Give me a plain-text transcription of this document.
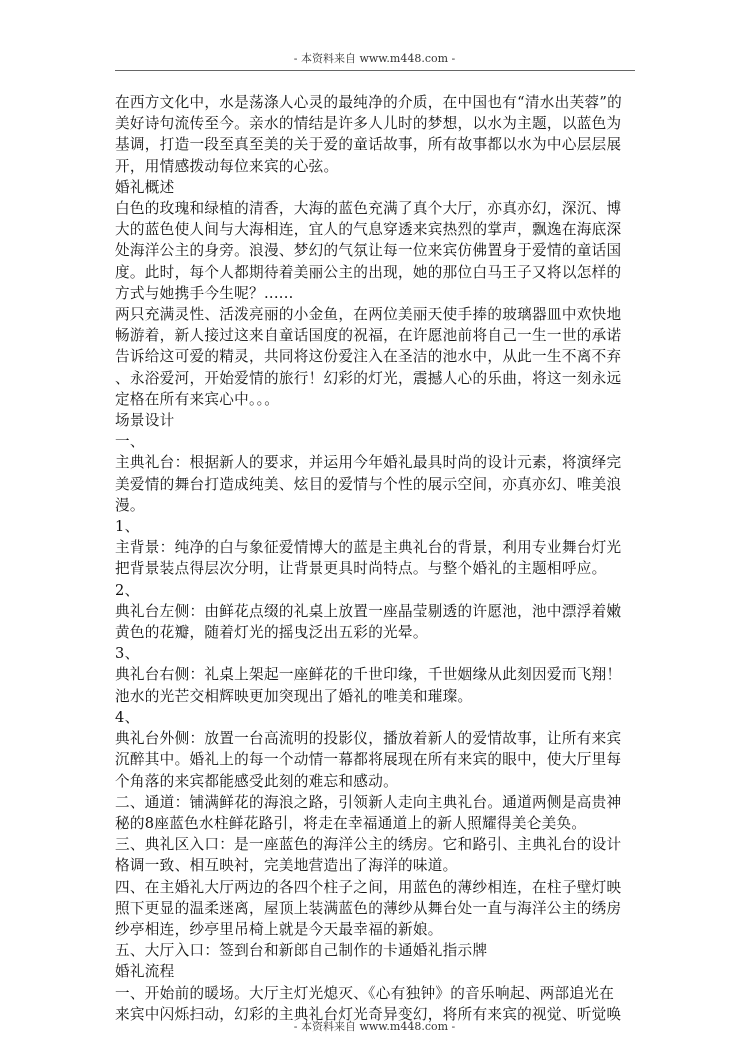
- 本资料来自 www.m448.com -
在西方文化中，水是荡涤人心灵的最纯净的介质，在中国也有“清水出芙蓉”的
美好诗句流传至今。亲水的情结是许多人儿时的梦想，以水为主题，以蓝色为
基调，打造一段至真至美的关于爱的童话故事，所有故事都以水为中心层层展
开，用情感拨动每位来宾的心弦。
婚礼概述
白色的玫瑰和绿植的清香，大海的蓝色充满了真个大厅，亦真亦幻，深沉、博
大的蓝色使人间与大海相连，宜人的气息穿透来宾热烈的掌声，飘逸在海底深
处海洋公主的身旁。浪漫、梦幻的气氛让每一位来宾仿佛置身于爱情的童话国
度。此时，每个人都期待着美丽公主的出现，她的那位白马王子又将以怎样的
方式与她携手今生呢？......
两只充满灵性、活泼亮丽的小金鱼，在两位美丽天使手捧的玻璃器皿中欢快地
畅游着，新人接过这来自童话国度的祝福，在许愿池前将自己一生一世的承诺
告诉给这可爱的精灵，共同将这份爱注入在圣洁的池水中，从此一生不离不弃
、永浴爱河，开始爱情的旅行！幻彩的灯光，震撼人心的乐曲，将这一刻永远
定格在所有来宾心中。。。
场景设计
一、
主典礼台：根据新人的要求，并运用今年婚礼最具时尚的设计元素，将演绎完
美爱情的舞台打造成纯美、炫目的爱情与个性的展示空间，亦真亦幻、唯美浪
漫。
1、
主背景：纯净的白与象征爱情博大的蓝是主典礼台的背景，利用专业舞台灯光
把背景装点得层次分明，让背景更具时尚特点。与整个婚礼的主题相呼应。
2、
典礼台左侧：由鲜花点缀的礼桌上放置一座晶莹剔透的许愿池，池中漂浮着嫩
黄色的花瓣，随着灯光的摇曳泛出五彩的光晕。
3、
典礼台右侧：礼桌上架起一座鲜花的千世印缘，千世姻缘从此刻因爱而飞翔！
池水的光芒交相辉映更加突现出了婚礼的唯美和璀璨。
4、
典礼台外侧：放置一台高流明的投影仪，播放着新人的爱情故事，让所有来宾
沉醉其中。婚礼上的每一个动情一幕都将展现在所有来宾的眼中，使大厅里每
个角落的来宾都能感受此刻的难忘和感动。
二、通道：铺满鲜花的海浪之路，引领新人走向主典礼台。通道两侧是高贵神
秘的8座蓝色水柱鲜花路引，将走在幸福通道上的新人照耀得美仑美奂。
三、典礼区入口：是一座蓝色的海洋公主的绣房。它和路引、主典礼台的设计
格调一致、相互映衬，完美地营造出了海洋的味道。
四、在主婚礼大厅两边的各四个柱子之间，用蓝色的薄纱相连，在柱子壁灯映
照下更显的温柔迷离，屋顶上装满蓝色的薄纱从舞台处一直与海洋公主的绣房
纱亭相连，纱亭里吊椅上就是今天最幸福的新娘。
五、大厅入口：签到台和新郎自己制作的卡通婚礼指示牌
婚礼流程
一、开始前的暖场。大厅主灯光熄灭、《心有独钟》的音乐响起、两部追光在
来宾中闪烁扫动，幻彩的主典礼台灯光奇异变幻，将所有来宾的视觉、听觉唤
- 本资料来自 www.m448.com -
